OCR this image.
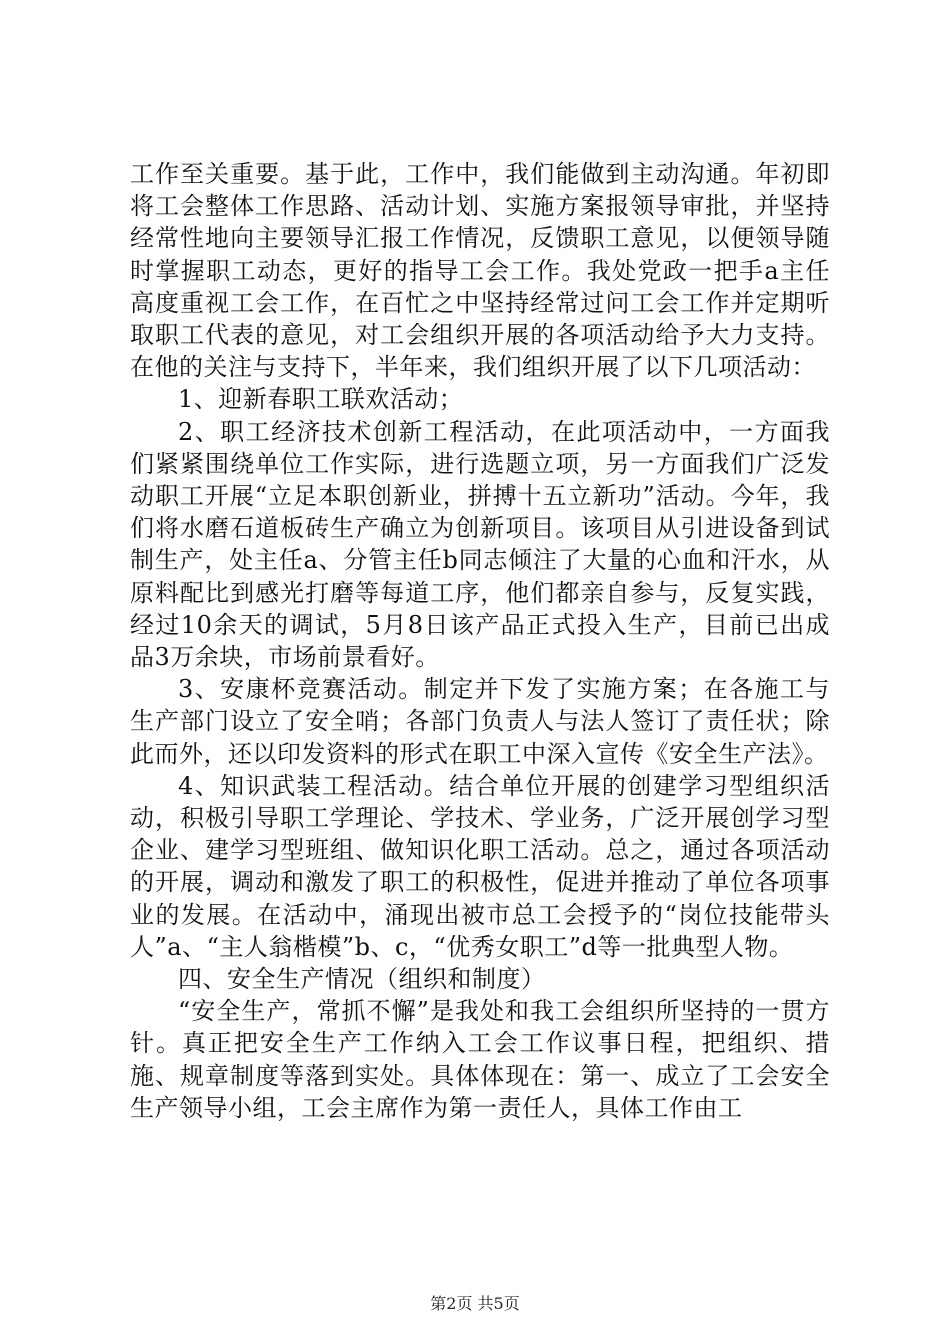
工作至关重要。基于此，工作中，我们能做到主动沟通。年初即将工会整体工作思路、活动计划、实施方案报领导审批，并坚持经常性地向主要领导汇报工作情况，反馈职工意见，以便领导随时掌握职工动态，更好的指导工会工作。我处党政一把手a主任高度重视工会工作，在百忙之中坚持经常过问工会工作并定期听取职工代表的意见，对工会组织开展的各项活动给予大力支持。在他的关注与支持下，半年来，我们组织开展了以下几项活动：

1、迎新春职工联欢活动；

2、职工经济技术创新工程活动，在此项活动中，一方面我们紧紧围绕单位工作实际，进行选题立项，另一方面我们广泛发动职工开展“立足本职创新业，拼搏十五立新功”活动。今年，我们将水磨石道板砖生产确立为创新项目。该项目从引进设备到试制生产，处主任a、分管主任b同志倾注了大量的心血和汗水，从原料配比到感光打磨等每道工序，他们都亲自参与，反复实践，经过10余天的调试，5月8日该产品正式投入生产，目前已出成品3万余块，市场前景看好。

3、安康杯竞赛活动。制定并下发了实施方案；在各施工与生产部门设立了安全哨；各部门负责人与法人签订了责任状；除此而外，还以印发资料的形式在职工中深入宣传《安全生产法》。

4、知识武装工程活动。结合单位开展的创建学习型组织活动，积极引导职工学理论、学技术、学业务，广泛开展创学习型企业、建学习型班组、做知识化职工活动。总之，通过各项活动的开展，调动和激发了职工的积极性，促进并推动了单位各项事业的发展。在活动中，涌现出被市总工会授予的“岗位技能带头人”a、“主人翁楷模”b、c，“优秀女职工”d等一批典型人物。

四、安全生产情况（组织和制度）

“安全生产，常抓不懈”是我处和我工会组织所坚持的一贯方针。真正把安全生产工作纳入工会工作议事日程，把组织、措施、规章制度等落到实处。具体体现在：第一、成立了工会安全生产领导小组，工会主席作为第一责任人，具体工作由工

第2页 共5页
